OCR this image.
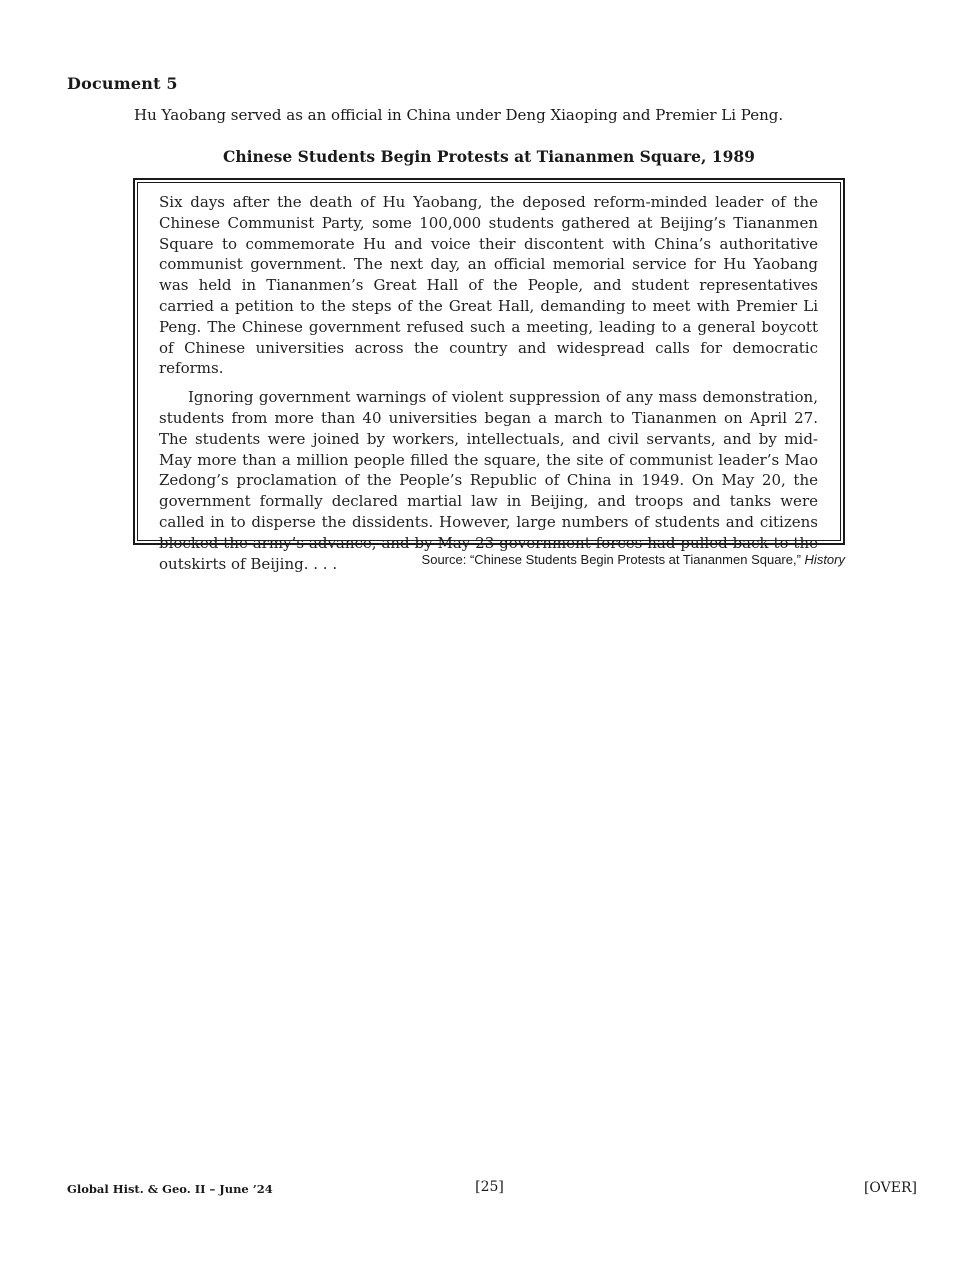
Document 5
Hu Yaobang served as an official in China under Deng Xiaoping and Premier Li Peng.
Chinese Students Begin Protests at Tiananmen Square, 1989

Six days after the death of Hu Yaobang, the deposed reform-minded leader of the Chinese Communist Party, some 100,000 students gathered at Beijing’s Tiananmen Square to commemorate Hu and voice their discontent with China’s authoritative communist government. The next day, an official memorial service for Hu Yaobang was held in Tiananmen’s Great Hall of the People, and student representatives carried a petition to the steps of the Great Hall, demanding to meet with Premier Li Peng. The Chinese government refused such a meeting, leading to a general boycott of Chinese universities across the country and widespread calls for democratic reforms.

Ignoring government warnings of violent suppression of any mass demonstration, students from more than 40 universities began a march to Tiananmen on April 27. The students were joined by workers, intellectuals, and civil servants, and by mid-May more than a million people filled the square, the site of communist leader’s Mao Zedong’s proclamation of the People’s Republic of China in 1949. On May 20, the government formally declared martial law in Beijing, and troops and tanks were called in to disperse the dissidents. However, large numbers of students and citizens blocked the army’s advance, and by May 23 government forces had pulled back to the outskirts of Beijing. . . .	Source: “Chinese Students Begin Protests at Tiananmen Square,” History
Global Hist. & Geo. II – June ’24	[25]	[OVER]
